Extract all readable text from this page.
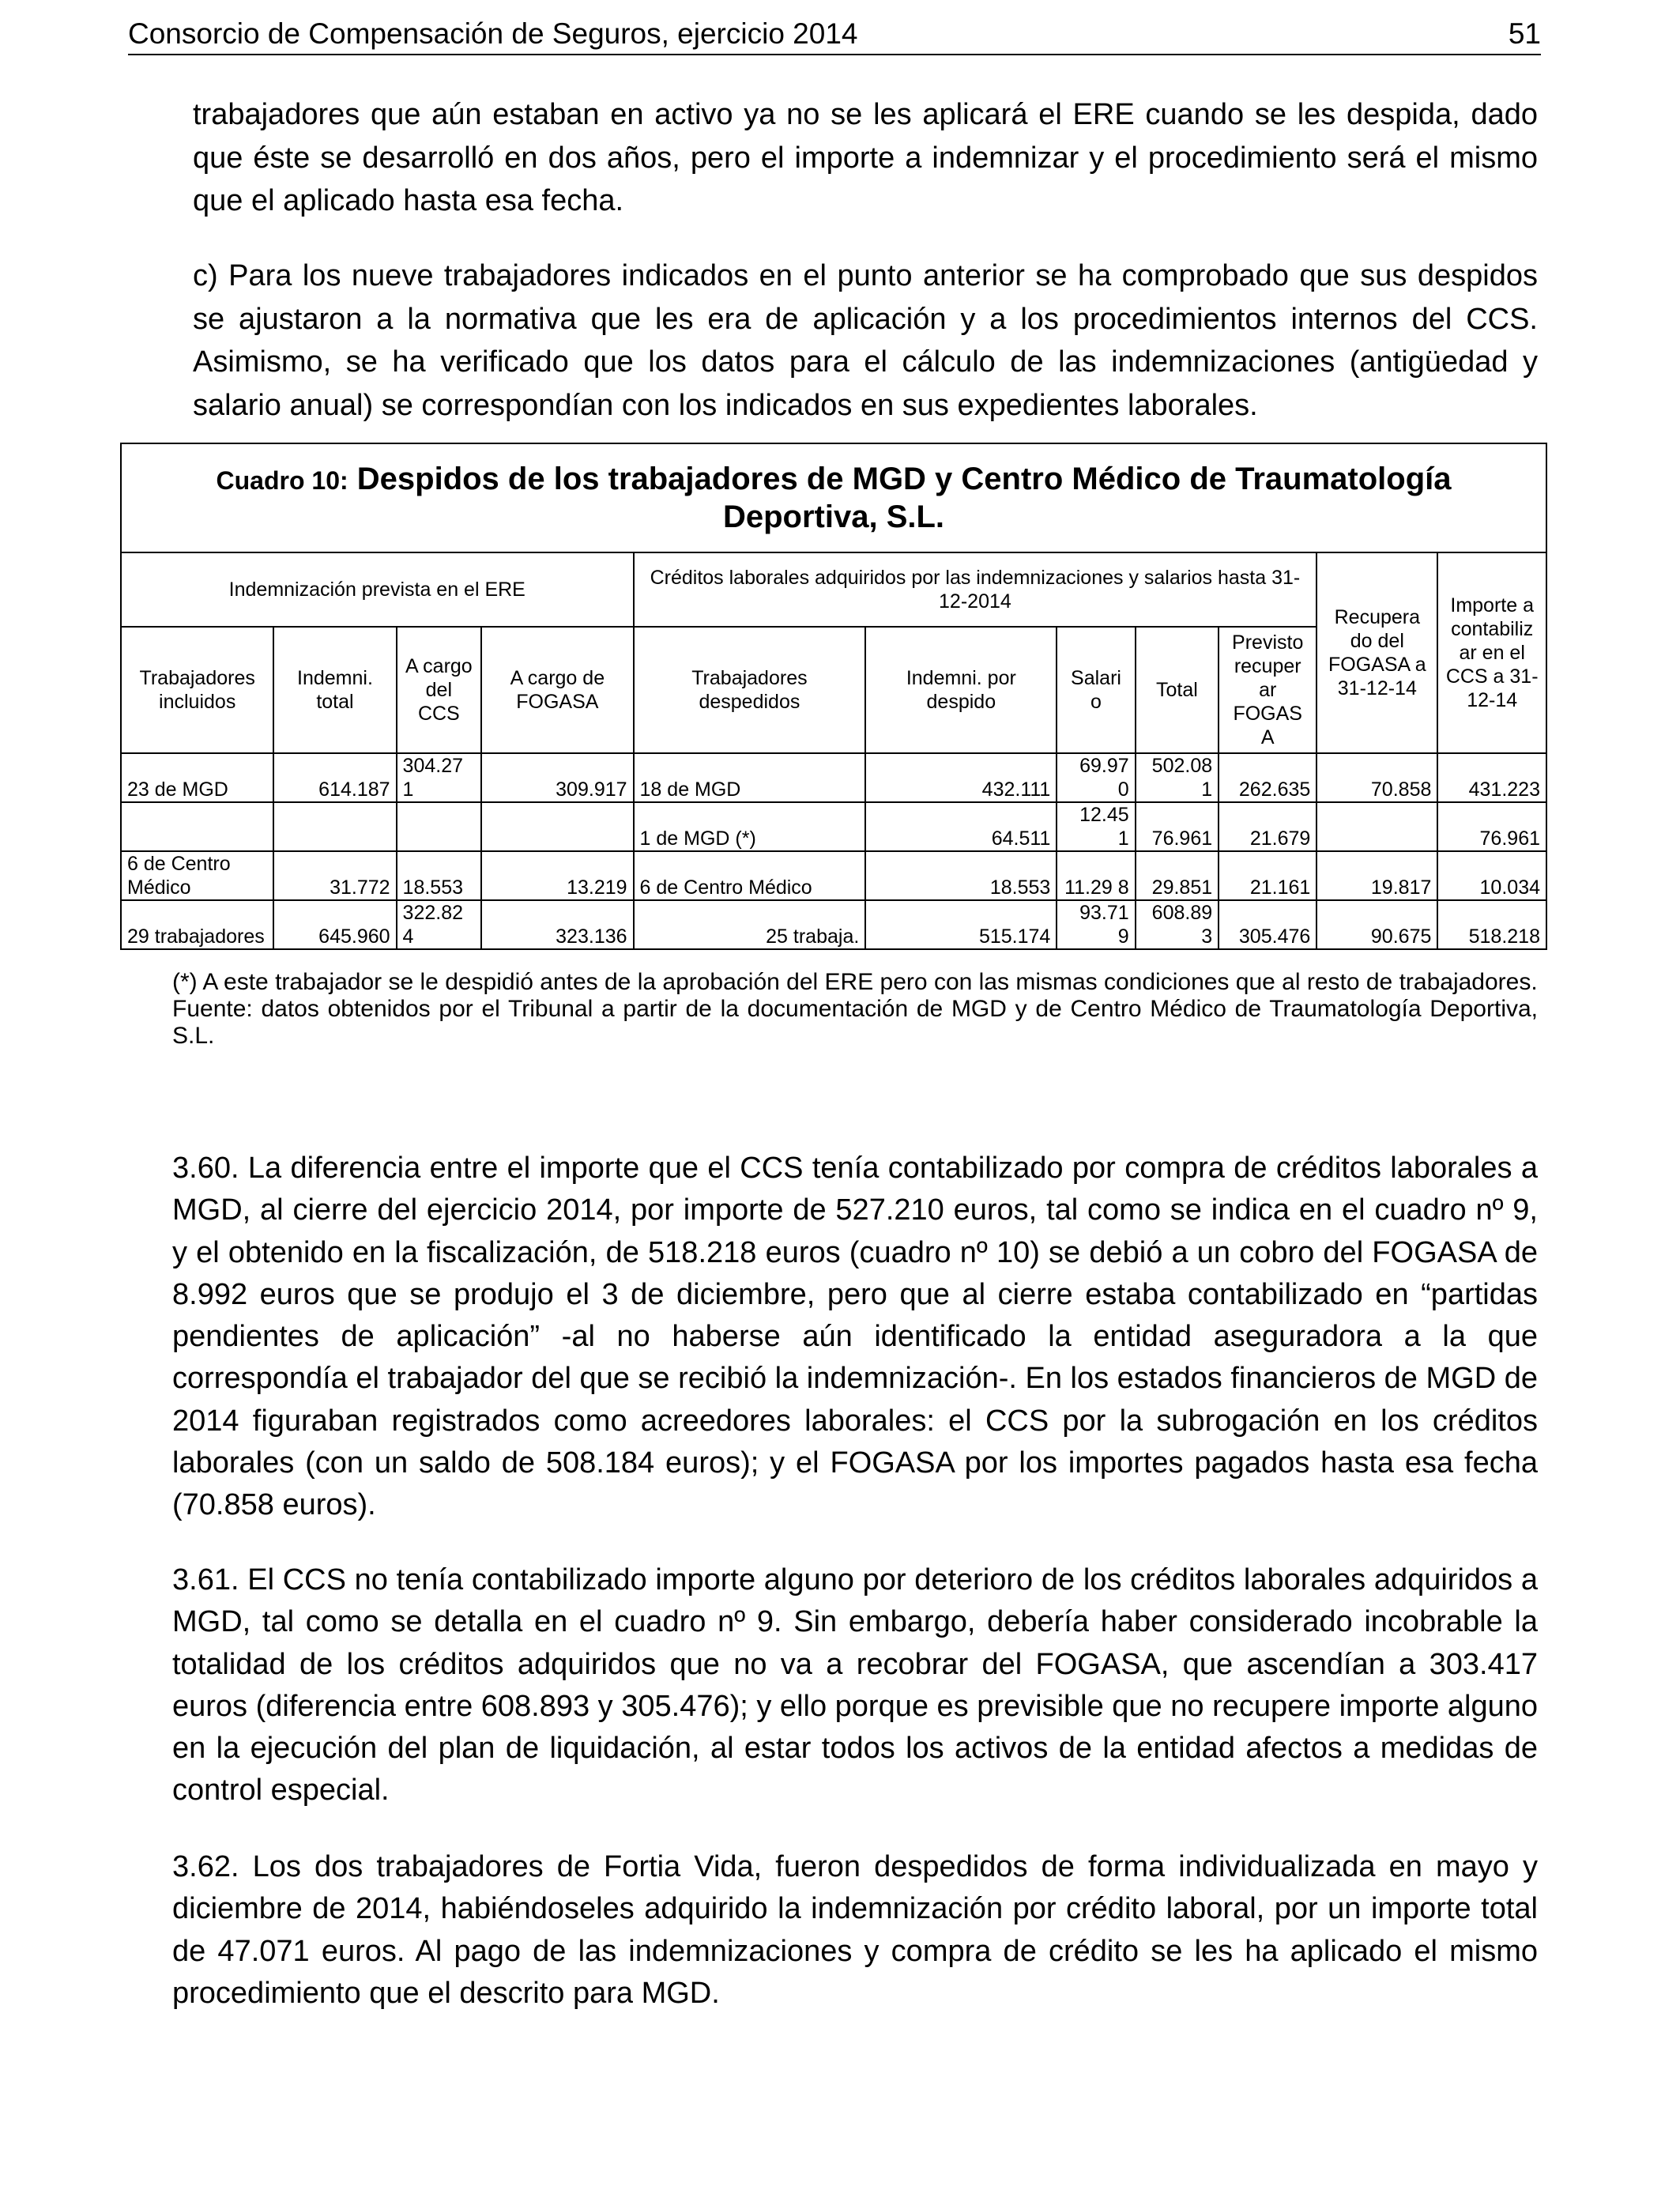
Consorcio de Compensación de Seguros, ejercicio 2014	51

trabajadores que aún estaban en activo ya no se les aplicará el ERE cuando se les despida, dado que éste se desarrolló en dos años, pero el importe a indemnizar y el procedimiento será el mismo que el aplicado hasta esa fecha.

c) Para los nueve trabajadores indicados en el punto anterior se ha comprobado que sus despidos se ajustaron a la normativa que les era de aplicación y a los procedimientos internos del CCS. Asimismo, se ha verificado que los datos para el cálculo de las indemnizaciones (antigüedad y salario anual) se correspondían con los indicados en sus expedientes laborales.

Cuadro 10: Despidos de los trabajadores de MGD y Centro Médico de Traumatología Deportiva, S.L.
Indemnización prevista en el ERE				Créditos laborales adquiridos por las indemnizaciones y salarios hasta 31-12-2014					Recupera do del FOGASA a 31-12-14	Importe a contabiliz ar en el CCS a 31-12-14
Trabajadores incluidos	Indemni. total	A cargo del CCS	A cargo de FOGASA	Trabajadores despedidos	Indemni. por despido	Salari o	Total	Previsto recuper ar FOGAS A		
23 de MGD	614.187	304.27 1	309.917	18 de MGD	432.111	69.97 0	502.08 1	262.635	70.858	431.223
				1 de MGD (*)	64.511	12.45 1	76.961	21.679		76.961
6 de Centro Médico	31.772	18.553	13.219	6 de Centro Médico	18.553	11.29 8	29.851	21.161	19.817	10.034
29 trabajadores	645.960	322.82 4	323.136	25 trabaja.	515.174	93.71 9	608.89 3	305.476	90.675	518.218

(*) A este trabajador se le despidió antes de la aprobación del ERE pero con las mismas condiciones que al resto de trabajadores.

Fuente: datos obtenidos por el Tribunal a partir de la documentación de MGD y de Centro Médico de Traumatología Deportiva, S.L.

3.60. La diferencia entre el importe que el CCS tenía contabilizado por compra de créditos laborales a MGD, al cierre del ejercicio 2014, por importe de 527.210 euros, tal como se indica en el cuadro nº 9, y el obtenido en la fiscalización, de 518.218 euros (cuadro nº 10) se debió a un cobro del FOGASA de 8.992 euros que se produjo el 3 de diciembre, pero que al cierre estaba contabilizado en “partidas pendientes de aplicación” -al no haberse aún identificado la entidad aseguradora a la que correspondía el trabajador del que se recibió la indemnización-. En los estados financieros de MGD de 2014 figuraban registrados como acreedores laborales: el CCS por la subrogación en los créditos laborales (con un saldo de 508.184 euros); y el FOGASA por los importes pagados hasta esa fecha (70.858 euros).

3.61. El CCS no tenía contabilizado importe alguno por deterioro de los créditos laborales adquiridos a MGD, tal como se detalla en el cuadro nº 9. Sin embargo, debería haber considerado incobrable la totalidad de los créditos adquiridos que no va a recobrar del FOGASA, que ascendían a 303.417 euros (diferencia entre 608.893 y 305.476); y ello porque es previsible que no recupere importe alguno en la ejecución del plan de liquidación, al estar todos los activos de la entidad afectos a medidas de control especial.

3.62. Los dos trabajadores de Fortia Vida, fueron despedidos de forma individualizada en mayo y diciembre de 2014, habiéndoseles adquirido la indemnización por crédito laboral, por un importe total de 47.071 euros. Al pago de las indemnizaciones y compra de crédito se les ha aplicado el mismo procedimiento que el descrito para MGD.
